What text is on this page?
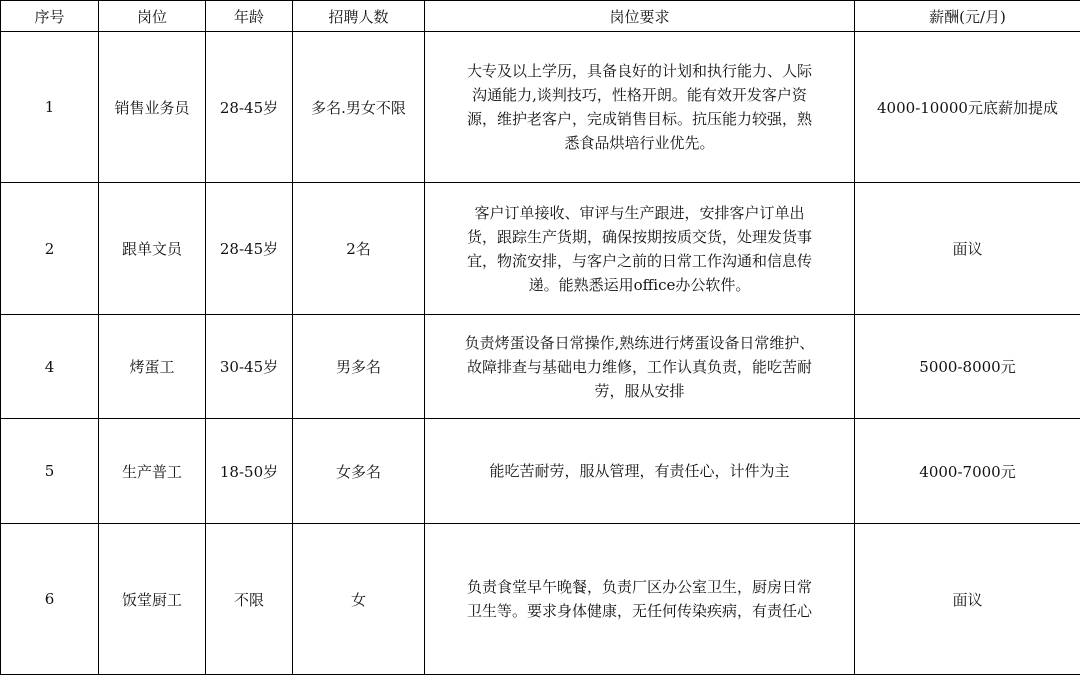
序号	岗位	年龄	招聘人数	岗位要求	薪酬(元/月)
1	销售业务员	28-45岁	多名.男女不限	大专及以上学历，具备良好的计划和执行能力、人际
沟通能力,谈判技巧，性格开朗。能有效开发客户资
源，维护老客户，完成销售目标。抗压能力较强，熟
悉食品烘培行业优先。	4000-10000元底薪加提成
2	跟单文员	28-45岁	2名	客户订单接收、审评与生产跟进，安排客户订单出
货，跟踪生产货期，确保按期按质交货，处理发货事
宜，物流安排，与客户之前的日常工作沟通和信息传
递。能熟悉运用office办公软件。	面议
4	烤蛋工	30-45岁	男多名	负责烤蛋设备日常操作,熟练进行烤蛋设备日常维护、
故障排查与基础电力维修，工作认真负责，能吃苦耐
劳，服从安排	5000-8000元
5	生产普工	18-50岁	女多名	能吃苦耐劳，服从管理，有责任心，计件为主	4000-7000元
6	饭堂厨工	不限	女	负责食堂早午晚餐，负责厂区办公室卫生，厨房日常
卫生等。要求身体健康，无任何传染疾病，有责任心	面议
